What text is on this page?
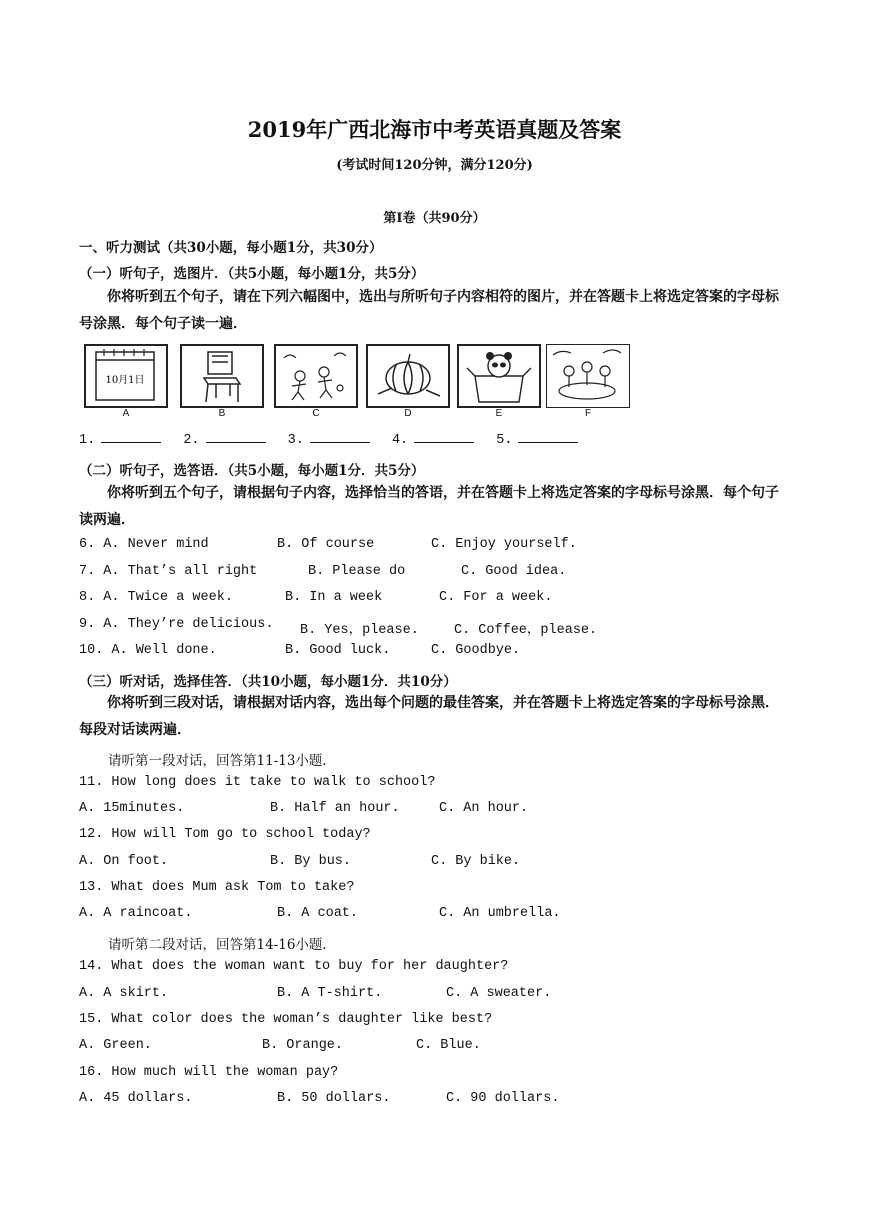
2019年广西北海市中考英语真题及答案
(考试时间120分钟，满分120分)
第Ⅰ卷（共90分）
一、听力测试（共30小题，每小题1分，共30分）
（一）听句子，选图片．（共5小题，每小题1分，共5分）
你将听到五个句子，请在下列六幅图中，选出与所听句子内容相符的图片，并在答题卡上将选定答案的字母标号涂黑．每个句子读一遍．
10月1日
A	B	C	D	E	F
1.	2.	3.	4.	5.
（二）听句子，选答语．（共5小题，每小题1分．共5分）
你将听到五个句子，请根据句子内容，选择恰当的答语，并在答题卡上将选定答案的字母标号涂黑．每个句子读两遍．
6. A. Never mind	B. Of course	C. Enjoy yourself.
7. A. That’s all right	B. Please do	C. Good idea.
8. A. Twice a week.	B. In a week	C. For a week.
9. A. They’re delicious. B. Yes，please.	C. Coffee，please.
10. A. Well done.	B. Good luck.	C. Goodbye.
（三）听对话，选择佳答．（共10小题，每小题1分．共10分）
你将听到三段对话，请根据对话内容，选出每个问题的最佳答案，并在答题卡上将选定答案的字母标号涂黑．每段对话读两遍．
请听第一段对话，回答第11-13小题．
11. How long does it take to walk to school?
A. 15minutes.	B. Half an hour.	C. An hour.
12. How will Tom go to school today?
A. On foot.	B. By bus.	C. By bike.
13. What does Mum ask Tom to take?
A. A raincoat.	B. A coat.	C. An umbrella.
请听第二段对话，回答第14-16小题．
14. What does the woman want to buy for her daughter?
A. A skirt.	B. A T-shirt.	C. A sweater.
15. What color does the woman’s daughter like best?
A. Green.	B. Orange.	C. Blue.
16. How much will the woman pay?
A. 45 dollars.	B. 50 dollars.	C. 90 dollars.
